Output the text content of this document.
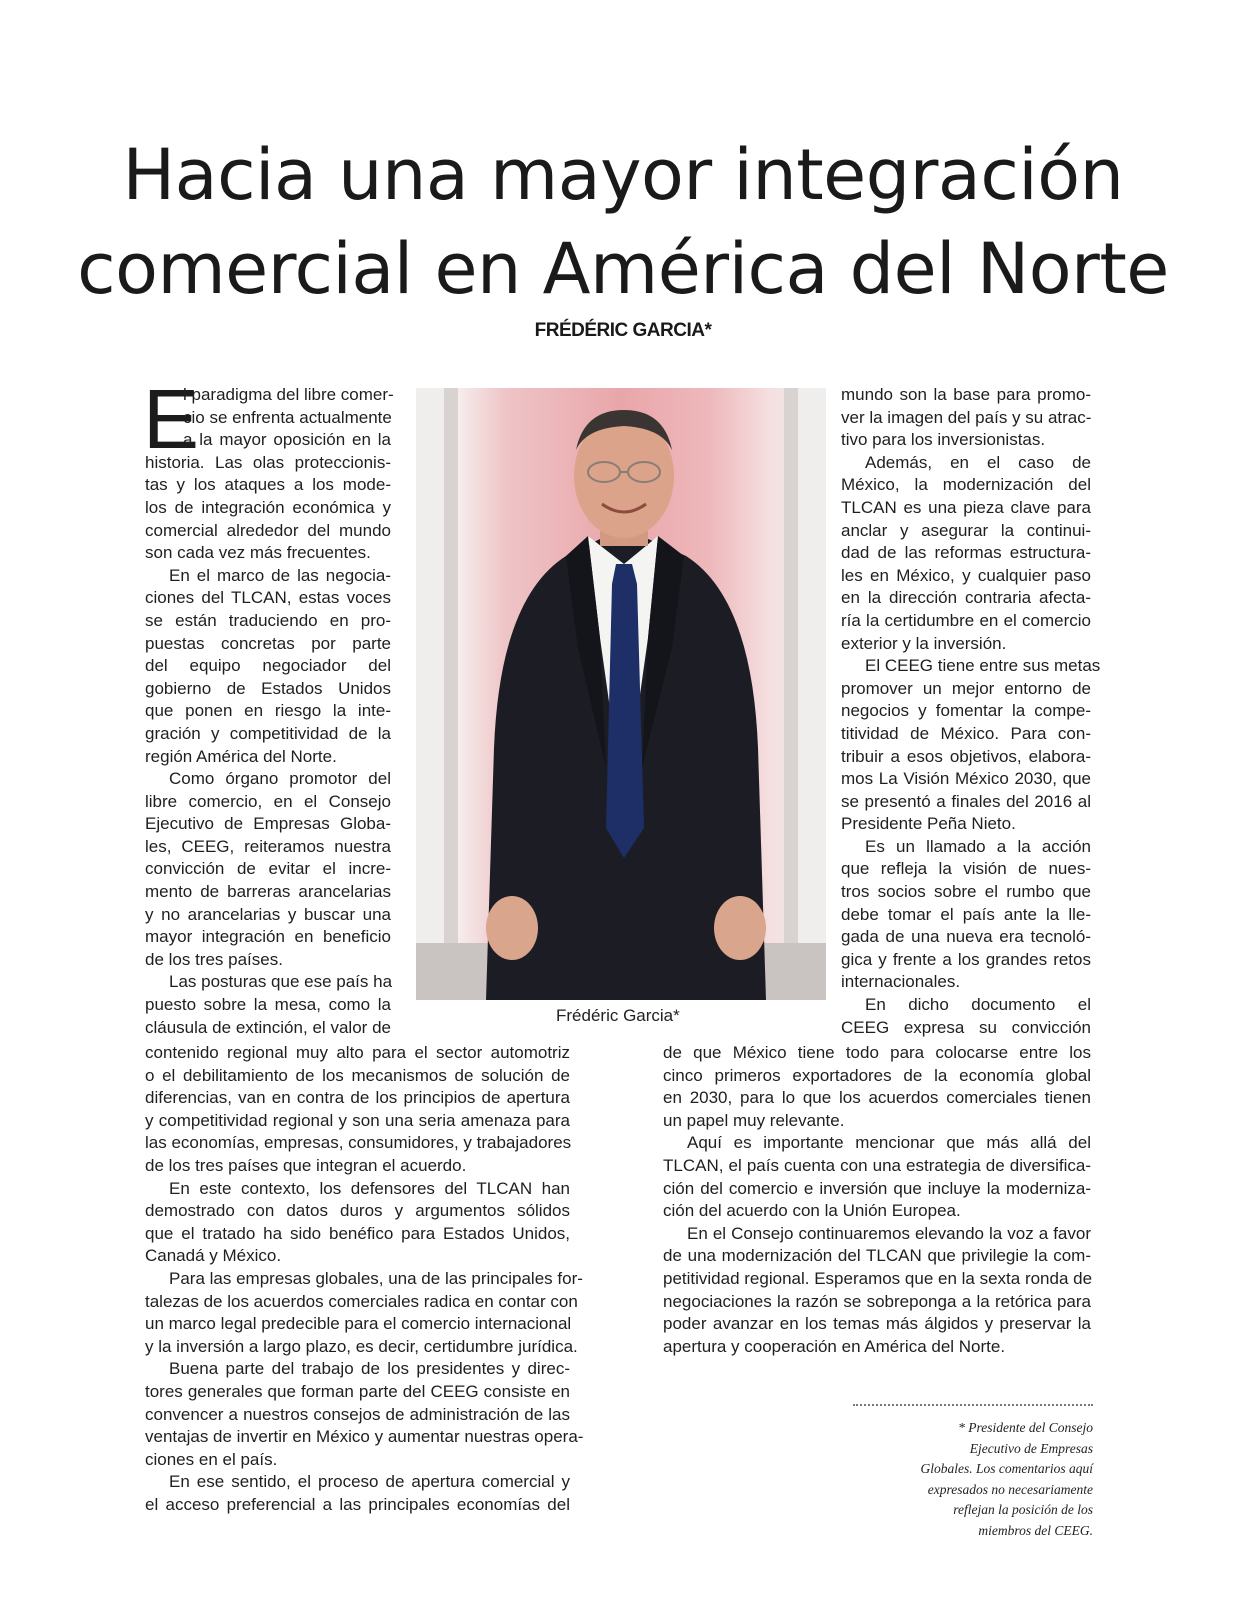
Hacia una mayor integración
comercial en América del Norte
FRÉDÉRIC GARCIA*
E
l paradigma del libre comer-
cio se enfrenta actualmente
a la mayor oposición en la
historia. Las olas proteccionis-
tas y los ataques a los mode-
los de integración económica y
comercial alrededor del mundo
son cada vez más frecuentes.
En el marco de las negocia-
ciones del TLCAN, estas voces
se están traduciendo en pro-
puestas concretas por parte
del equipo negociador del
gobierno de Estados Unidos
que ponen en riesgo la inte-
gración y competitividad de la
región América del Norte.
Como órgano promotor del
libre comercio, en el Consejo
Ejecutivo de Empresas Globa-
les, CEEG, reiteramos nuestra
convicción de evitar el incre-
mento de barreras arancelarias
y no arancelarias y buscar una
mayor integración en beneficio
de los tres países.
Las posturas que ese país ha
puesto sobre la mesa, como la
cláusula de extinción, el valor de
contenido regional muy alto para el sector automotriz
o el debilitamiento de los mecanismos de solución de
diferencias, van en contra de los principios de apertura
y competitividad regional y son una seria amenaza para
las economías, empresas, consumidores, y trabajadores
de los tres países que integran el acuerdo.
En este contexto, los defensores del TLCAN han
demostrado con datos duros y argumentos sólidos
que el tratado ha sido benéfico para Estados Unidos,
Canadá y México.
Para las empresas globales, una de las principales for-
talezas de los acuerdos comerciales radica en contar con
un marco legal predecible para el comercio internacional
y la inversión a largo plazo, es decir, certidumbre jurídica.
Buena parte del trabajo de los presidentes y direc-
tores generales que forman parte del CEEG consiste en
convencer a nuestros consejos de administración de las
ventajas de invertir en México y aumentar nuestras opera-
ciones en el país.
En ese sentido, el proceso de apertura comercial y
el acceso preferencial a las principales economías del
mundo son la base para promo-
ver la imagen del país y su atrac-
tivo para los inversionistas.
Además, en el caso de
México, la modernización del
TLCAN es una pieza clave para
anclar y asegurar la continui-
dad de las reformas estructura-
les en México, y cualquier paso
en la dirección contraria afecta-
ría la certidumbre en el comercio
exterior y la inversión.
El CEEG tiene entre sus metas
promover un mejor entorno de
negocios y fomentar la compe-
titividad de México. Para con-
tribuir a esos objetivos, elabora-
mos La Visión México 2030, que
se presentó a finales del 2016 al
Presidente Peña Nieto.
Es un llamado a la acción
que refleja la visión de nues-
tros socios sobre el rumbo que
debe tomar el país ante la lle-
gada de una nueva era tecnoló-
gica y frente a los grandes retos
internacionales.
En dicho documento el
CEEG expresa su convicción
de que México tiene todo para colocarse entre los
cinco primeros exportadores de la economía global
en 2030, para lo que los acuerdos comerciales tienen
un papel muy relevante.
Aquí es importante mencionar que más allá del
TLCAN, el país cuenta con una estrategia de diversifica-
ción del comercio e inversión que incluye la moderniza-
ción del acuerdo con la Unión Europea.
En el Consejo continuaremos elevando la voz a favor
de una modernización del TLCAN que privilegie la com-
petitividad regional. Esperamos que en la sexta ronda de
negociaciones la razón se sobreponga a la retórica para
poder avanzar en los temas más álgidos y preservar la
apertura y cooperación en América del Norte.
Frédéric Garcia*
* Presidente del Consejo
Ejecutivo de Empresas
Globales. Los comentarios aquí
expresados no necesariamente
reflejan la posición de los
miembros del CEEG.
